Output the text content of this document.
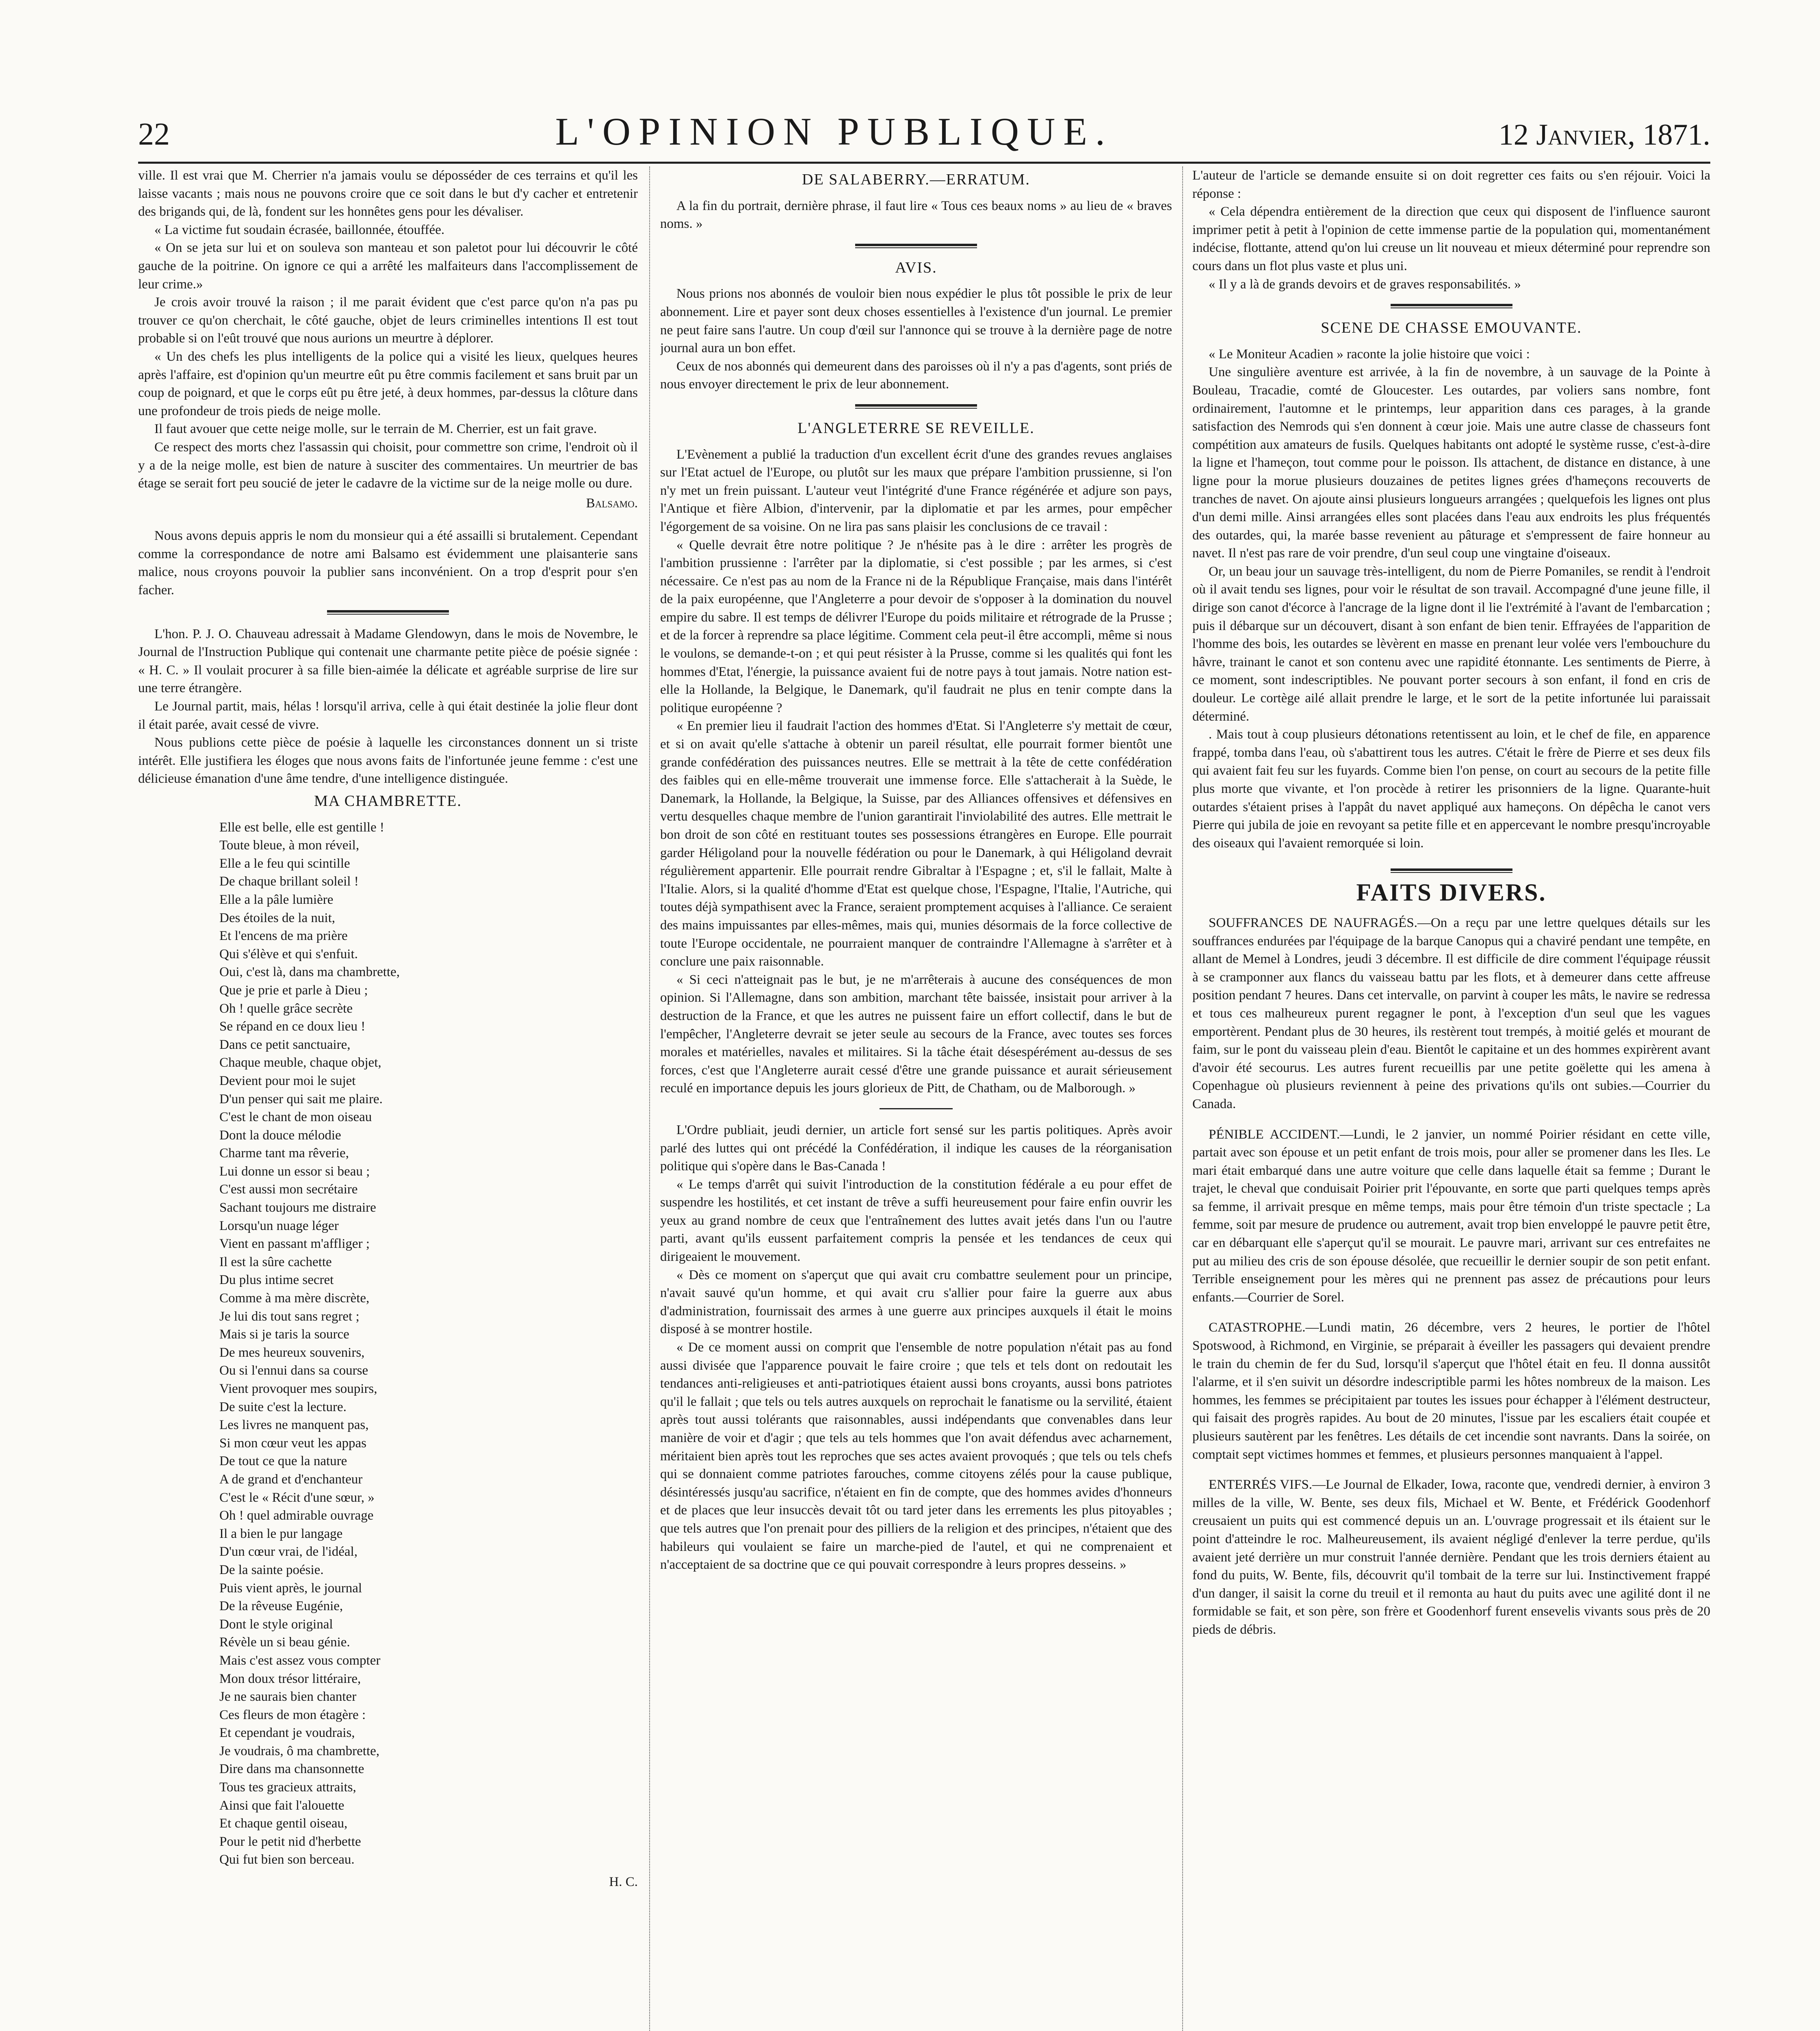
22	L'OPINION PUBLIQUE.	12 Janvier, 1871.

ville. Il est vrai que M. Cherrier n'a jamais voulu se déposséder de ces terrains et qu'il les laisse vacants ; mais nous ne pouvons croire que ce soit dans le but d'y cacher et entretenir des brigands qui, de là, fondent sur les honnêtes gens pour les dévaliser.

« La victime fut soudain écrasée, baillonnée, étouffée.

« On se jeta sur lui et on souleva son manteau et son paletot pour lui découvrir le côté gauche de la poitrine. On ignore ce qui a arrêté les malfaiteurs dans l'accomplissement de leur crime.»

Je crois avoir trouvé la raison ; il me parait évident que c'est parce qu'on n'a pas pu trouver ce qu'on cherchait, le côté gauche, objet de leurs criminelles intentions Il est tout probable si on l'eût trouvé que nous aurions un meurtre à déplorer.

« Un des chefs les plus intelligents de la police qui a visité les lieux, quelques heures après l'affaire, est d'opinion qu'un meurtre eût pu être commis facilement et sans bruit par un coup de poignard, et que le corps eût pu être jeté, à deux hommes, par-dessus la clôture dans une profondeur de trois pieds de neige molle.

Il faut avouer que cette neige molle, sur le terrain de M. Cherrier, est un fait grave.

Ce respect des morts chez l'assassin qui choisit, pour commettre son crime, l'endroit où il y a de la neige molle, est bien de nature à susciter des commentaires. Un meurtrier de bas étage se serait fort peu soucié de jeter le cadavre de la victime sur de la neige molle ou dure.

Balsamo.

Nous avons depuis appris le nom du monsieur qui a été assailli si brutalement. Cependant comme la correspondance de notre ami Balsamo est évidemment une plaisanterie sans malice, nous croyons pouvoir la publier sans inconvénient. On a trop d'esprit pour s'en facher.

L'hon. P. J. O. Chauveau adressait à Madame Glendowyn, dans le mois de Novembre, le Journal de l'Instruction Publique qui contenait une charmante petite pièce de poésie signée : « H. C. » Il voulait procurer à sa fille bien-aimée la délicate et agréable surprise de lire sur une terre étrangère.

Le Journal partit, mais, hélas ! lorsqu'il arriva, celle à qui était destinée la jolie fleur dont il était parée, avait cessé de vivre.

Nous publions cette pièce de poésie à laquelle les circonstances donnent un si triste intérêt. Elle justifiera les éloges que nous avons faits de l'infortunée jeune femme : c'est une délicieuse émanation d'une âme tendre, d'une intelligence distinguée.

MA CHAMBRETTE.
Elle est belle, elle est gentille !
Toute bleue, à mon réveil,
Elle a le feu qui scintille
De chaque brillant soleil !
Elle a la pâle lumière
Des étoiles de la nuit,
Et l'encens de ma prière
Qui s'élève et qui s'enfuit.
Oui, c'est là, dans ma chambrette,
Que je prie et parle à Dieu ;
Oh ! quelle grâce secrète
Se répand en ce doux lieu !
Dans ce petit sanctuaire,
Chaque meuble, chaque objet,
Devient pour moi le sujet
D'un penser qui sait me plaire.
C'est le chant de mon oiseau
Dont la douce mélodie
Charme tant ma rêverie,
Lui donne un essor si beau ;
C'est aussi mon secrétaire
Sachant toujours me distraire
Lorsqu'un nuage léger
Vient en passant m'affliger ;
Il est la sûre cachette
Du plus intime secret
Comme à ma mère discrète,
Je lui dis tout sans regret ;
Mais si je taris la source
De mes heureux souvenirs,
Ou si l'ennui dans sa course
Vient provoquer mes soupirs,
De suite c'est la lecture.
Les livres ne manquent pas,
Si mon cœur veut les appas
De tout ce que la nature
A de grand et d'enchanteur
C'est le « Récit d'une sœur, »
Oh ! quel admirable ouvrage
Il a bien le pur langage
D'un cœur vrai, de l'idéal,
De la sainte poésie.
Puis vient après, le journal
De la rêveuse Eugénie,
Dont le style original
Révèle un si beau génie.
Mais c'est assez vous compter
Mon doux trésor littéraire,
Je ne saurais bien chanter
Ces fleurs de mon étagère :
Et cependant je voudrais,
Je voudrais, ô ma chambrette,
Dire dans ma chansonnette
Tous tes gracieux attraits,
Ainsi que fait l'alouette
Et chaque gentil oiseau,
Pour le petit nid d'herbette
Qui fut bien son berceau.
H. C.
DE SALABERRY.—ERRATUM.

A la fin du portrait, dernière phrase, il faut lire « Tous ces beaux noms » au lieu de « braves noms. »

AVIS.

Nous prions nos abonnés de vouloir bien nous expédier le plus tôt possible le prix de leur abonnement. Lire et payer sont deux choses essentielles à l'existence d'un journal. Le premier ne peut faire sans l'autre. Un coup d'œil sur l'annonce qui se trouve à la dernière page de notre journal aura un bon effet.

Ceux de nos abonnés qui demeurent dans des paroisses où il n'y a pas d'agents, sont priés de nous envoyer directement le prix de leur abonnement.

L'ANGLETERRE SE REVEILLE.

L'Evènement a publié la traduction d'un excellent écrit d'une des grandes revues anglaises sur l'Etat actuel de l'Europe, ou plutôt sur les maux que prépare l'ambition prussienne, si l'on n'y met un frein puissant. L'auteur veut l'intégrité d'une France régénérée et adjure son pays, l'Antique et fière Albion, d'intervenir, par la diplomatie et par les armes, pour empêcher l'égorgement de sa voisine. On ne lira pas sans plaisir les conclusions de ce travail :

« Quelle devrait être notre politique ? Je n'hésite pas à le dire : arrêter les progrès de l'ambition prussienne : l'arrêter par la diplomatie, si c'est possible ; par les armes, si c'est nécessaire. Ce n'est pas au nom de la France ni de la République Française, mais dans l'intérêt de la paix européenne, que l'Angleterre a pour devoir de s'opposer à la domination du nouvel empire du sabre. Il est temps de délivrer l'Europe du poids militaire et rétrograde de la Prusse ; et de la forcer à reprendre sa place légitime. Comment cela peut-il être accompli, même si nous le voulons, se demande-t-on ; et qui peut résister à la Prusse, comme si les qualités qui font les hommes d'Etat, l'énergie, la puissance avaient fui de notre pays à tout jamais. Notre nation est-elle la Hollande, la Belgique, le Danemark, qu'il faudrait ne plus en tenir compte dans la politique européenne ?

« En premier lieu il faudrait l'action des hommes d'Etat. Si l'Angleterre s'y mettait de cœur, et si on avait qu'elle s'attache à obtenir un pareil résultat, elle pourrait former bientôt une grande confédération des puissances neutres. Elle se mettrait à la tête de cette confédération des faibles qui en elle-même trouverait une immense force. Elle s'attacherait à la Suède, le Danemark, la Hollande, la Belgique, la Suisse, par des Alliances offensives et défensives en vertu desquelles chaque membre de l'union garantirait l'inviolabilité des autres. Elle mettrait le bon droit de son côté en restituant toutes ses possessions étrangères en Europe. Elle pourrait garder Héligoland pour la nouvelle fédération ou pour le Danemark, à qui Héligoland devrait régulièrement appartenir. Elle pourrait rendre Gibraltar à l'Espagne ; et, s'il le fallait, Malte à l'Italie. Alors, si la qualité d'homme d'Etat est quelque chose, l'Espagne, l'Italie, l'Autriche, qui toutes déjà sympathisent avec la France, seraient promptement acquises à l'alliance. Ce seraient des mains impuissantes par elles-mêmes, mais qui, munies désormais de la force collective de toute l'Europe occidentale, ne pourraient manquer de contraindre l'Allemagne à s'arrêter et à conclure une paix raisonnable.

« Si ceci n'atteignait pas le but, je ne m'arrêterais à aucune des conséquences de mon opinion. Si l'Allemagne, dans son ambition, marchant tête baissée, insistait pour arriver à la destruction de la France, et que les autres ne puissent faire un effort collectif, dans le but de l'empêcher, l'Angleterre devrait se jeter seule au secours de la France, avec toutes ses forces morales et matérielles, navales et militaires. Si la tâche était désespérément au-dessus de ses forces, c'est que l'Angleterre aurait cessé d'être une grande puissance et aurait sérieusement reculé en importance depuis les jours glorieux de Pitt, de Chatham, ou de Malborough. »

L'Ordre publiait, jeudi dernier, un article fort sensé sur les partis politiques. Après avoir parlé des luttes qui ont précédé la Confédération, il indique les causes de la réorganisation politique qui s'opère dans le Bas-Canada !

« Le temps d'arrêt qui suivit l'introduction de la constitution fédérale a eu pour effet de suspendre les hostilités, et cet instant de trêve a suffi heureusement pour faire enfin ouvrir les yeux au grand nombre de ceux que l'entraînement des luttes avait jetés dans l'un ou l'autre parti, avant qu'ils eussent parfaitement compris la pensée et les tendances de ceux qui dirigeaient le mouvement.

« Dès ce moment on s'aperçut que qui avait cru combattre seulement pour un principe, n'avait sauvé qu'un homme, et qui avait cru s'allier pour faire la guerre aux abus d'administration, fournissait des armes à une guerre aux principes auxquels il était le moins disposé à se montrer hostile.

« De ce moment aussi on comprit que l'ensemble de notre population n'était pas au fond aussi divisée que l'apparence pouvait le faire croire ; que tels et tels dont on redoutait les tendances anti-religieuses et anti-patriotiques étaient aussi bons croyants, aussi bons patriotes qu'il le fallait ; que tels ou tels autres auxquels on reprochait le fanatisme ou la servilité, étaient après tout aussi tolérants que raisonnables, aussi indépendants que convenables dans leur manière de voir et d'agir ; que tels au tels hommes que l'on avait défendus avec acharnement, méritaient bien après tout les reproches que ses actes avaient provoqués ; que tels ou tels chefs qui se donnaient comme patriotes farouches, comme citoyens zélés pour la cause publique, désintéressés jusqu'au sacrifice, n'étaient en fin de compte, que des hommes avides d'honneurs et de places que leur insuccès devait tôt ou tard jeter dans les errements les plus pitoyables ; que tels autres que l'on prenait pour des pilliers de la religion et des principes, n'étaient que des habileurs qui voulaient se faire un marche-pied de l'autel, et qui ne comprenaient et n'acceptaient de sa doctrine que ce qui pouvait correspondre à leurs propres desseins. »

L'auteur de l'article se demande ensuite si on doit regretter ces faits ou s'en réjouir. Voici la réponse :

« Cela dépendra entièrement de la direction que ceux qui disposent de l'influence sauront imprimer petit à petit à l'opinion de cette immense partie de la population qui, momentanément indécise, flottante, attend qu'on lui creuse un lit nouveau et mieux déterminé pour reprendre son cours dans un flot plus vaste et plus uni.

« Il y a là de grands devoirs et de graves responsabilités. »

SCENE DE CHASSE EMOUVANTE.

« Le Moniteur Acadien » raconte la jolie histoire que voici :

Une singulière aventure est arrivée, à la fin de novembre, à un sauvage de la Pointe à Bouleau, Tracadie, comté de Gloucester. Les outardes, par voliers sans nombre, font ordinairement, l'automne et le printemps, leur apparition dans ces parages, à la grande satisfaction des Nemrods qui s'en donnent à cœur joie. Mais une autre classe de chasseurs font compétition aux amateurs de fusils. Quelques habitants ont adopté le système russe, c'est-à-dire la ligne et l'hameçon, tout comme pour le poisson. Ils attachent, de distance en distance, à une ligne pour la morue plusieurs douzaines de petites lignes grées d'hameçons recouverts de tranches de navet. On ajoute ainsi plusieurs longueurs arrangées ; quelquefois les lignes ont plus d'un demi mille. Ainsi arrangées elles sont placées dans l'eau aux endroits les plus fréquentés des outardes, qui, la marée basse revenient au pâturage et s'empressent de faire honneur au navet. Il n'est pas rare de voir prendre, d'un seul coup une vingtaine d'oiseaux.

Or, un beau jour un sauvage très-intelligent, du nom de Pierre Pomaniles, se rendit à l'endroit où il avait tendu ses lignes, pour voir le résultat de son travail. Accompagné d'une jeune fille, il dirige son canot d'écorce à l'ancrage de la ligne dont il lie l'extrémité à l'avant de l'embarcation ; puis il débarque sur un découvert, disant à son enfant de bien tenir. Effrayées de l'apparition de l'homme des bois, les outardes se lèvèrent en masse en prenant leur volée vers l'embouchure du hâvre, trainant le canot et son contenu avec une rapidité étonnante. Les sentiments de Pierre, à ce moment, sont indescriptibles. Ne pouvant porter secours à son enfant, il fond en cris de douleur. Le cortège ailé allait prendre le large, et le sort de la petite infortunée lui paraissait déterminé.

. Mais tout à coup plusieurs détonations retentissent au loin, et le chef de file, en apparence frappé, tomba dans l'eau, où s'abattirent tous les autres. C'était le frère de Pierre et ses deux fils qui avaient fait feu sur les fuyards. Comme bien l'on pense, on court au secours de la petite fille plus morte que vivante, et l'on procède à retirer les prisonniers de la ligne. Quarante-huit outardes s'étaient prises à l'appât du navet appliqué aux hameçons. On dépêcha le canot vers Pierre qui jubila de joie en revoyant sa petite fille et en appercevant le nombre presqu'incroyable des oiseaux qui l'avaient remorquée si loin.

FAITS DIVERS.

SOUFFRANCES DE NAUFRAGÉS.—On a reçu par une lettre quelques détails sur les souffrances endurées par l'équipage de la barque Canopus qui a chaviré pendant une tempête, en allant de Memel à Londres, jeudi 3 décembre. Il est difficile de dire comment l'équipage réussit à se cramponner aux flancs du vaisseau battu par les flots, et à demeurer dans cette affreuse position pendant 7 heures. Dans cet intervalle, on parvint à couper les mâts, le navire se redressa et tous ces malheureux purent regagner le pont, à l'exception d'un seul que les vagues emportèrent. Pendant plus de 30 heures, ils restèrent tout trempés, à moitié gelés et mourant de faim, sur le pont du vaisseau plein d'eau. Bientôt le capitaine et un des hommes expirèrent avant d'avoir été secourus. Les autres furent recueillis par une petite goëlette qui les amena à Copenhague où plusieurs reviennent à peine des privations qu'ils ont subies.—Courrier du Canada.

PÉNIBLE ACCIDENT.—Lundi, le 2 janvier, un nommé Poirier résidant en cette ville, partait avec son épouse et un petit enfant de trois mois, pour aller se promener dans les Iles. Le mari était embarqué dans une autre voiture que celle dans laquelle était sa femme ; Durant le trajet, le cheval que conduisait Poirier prit l'épouvante, en sorte que parti quelques temps après sa femme, il arrivait presque en même temps, mais pour être témoin d'un triste spectacle ; La femme, soit par mesure de prudence ou autrement, avait trop bien enveloppé le pauvre petit être, car en débarquant elle s'aperçut qu'il se mourait. Le pauvre mari, arrivant sur ces entrefaites ne put au milieu des cris de son épouse désolée, que recueillir le dernier soupir de son petit enfant. Terrible enseignement pour les mères qui ne prennent pas assez de précautions pour leurs enfants.—Courrier de Sorel.

CATASTROPHE.—Lundi matin, 26 décembre, vers 2 heures, le portier de l'hôtel Spotswood, à Richmond, en Virginie, se préparait à éveiller les passagers qui devaient prendre le train du chemin de fer du Sud, lorsqu'il s'aperçut que l'hôtel était en feu. Il donna aussitôt l'alarme, et il s'en suivit un désordre indescriptible parmi les hôtes nombreux de la maison. Les hommes, les femmes se précipitaient par toutes les issues pour échapper à l'élément destructeur, qui faisait des progrès rapides. Au bout de 20 minutes, l'issue par les escaliers était coupée et plusieurs sautèrent par les fenêtres. Les détails de cet incendie sont navrants. Dans la soirée, on comptait sept victimes hommes et femmes, et plusieurs personnes manquaient à l'appel.

ENTERRÉS VIFS.—Le Journal de Elkader, Iowa, raconte que, vendredi dernier, à environ 3 milles de la ville, W. Bente, ses deux fils, Michael et W. Bente, et Frédérick Goodenhorf creusaient un puits qui est commencé depuis un an. L'ouvrage progressait et ils étaient sur le point d'atteindre le roc. Malheureusement, ils avaient négligé d'enlever la terre perdue, qu'ils avaient jeté derrière un mur construit l'année dernière. Pendant que les trois derniers étaient au fond du puits, W. Bente, fils, découvrit qu'il tombait de la terre sur lui. Instinctivement frappé d'un danger, il saisit la corne du treuil et il remonta au haut du puits avec une agilité dont il ne formidable se fait, et son père, son frère et Goodenhorf furent ensevelis vivants sous près de 20 pieds de débris.
